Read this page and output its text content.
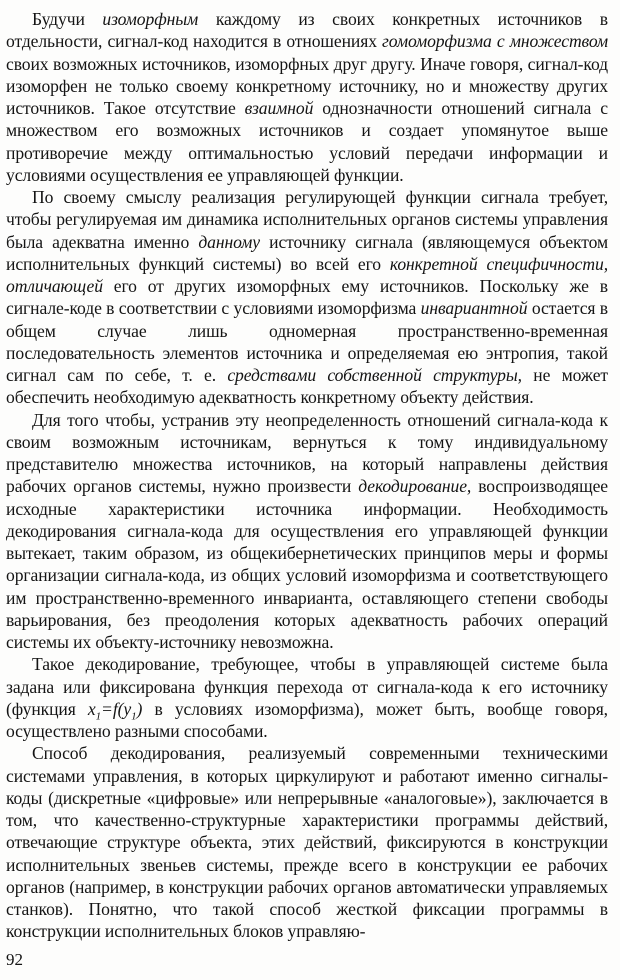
Будучи изоморфным каждому из своих конкретных источников в отдельности, сигнал-код находится в отношениях гомоморфизма с множеством своих возможных источников, изоморфных друг другу. Иначе говоря, сигнал-код изоморфен не только своему конкретному источнику, но и множеству других источников. Такое отсутствие взаимной однозначности отношений сигнала с множеством его возможных источников и создает упомянутое выше противоречие между оптимальностью условий передачи информации и условиями осуществления ее управляющей функции.

По своему смыслу реализация регулирующей функции сигнала требует, чтобы регулируемая им динамика исполнительных органов системы управления была адекватна именно данному источнику сигнала (являющемуся объектом исполнительных функций системы) во всей его конкретной специфичности, отличающей его от других изоморфных ему источников. Поскольку же в сигнале-коде в соответствии с условиями изоморфизма инвариантной остается в общем случае лишь одномерная пространственно-временная последовательность элементов источника и определяемая ею энтропия, такой сигнал сам по себе, т. е. средствами собственной структуры, не может обеспечить необходимую адекватность конкретному объекту действия.

Для того чтобы, устранив эту неопределенность отношений сигнала-кода к своим возможным источникам, вернуться к тому индивидуальному представителю множества источников, на который направлены действия рабочих органов системы, нужно произвести декодирование, воспроизводящее исходные характеристики источника информации. Необходимость декодирования сигнала-кода для осуществления его управляющей функции вытекает, таким образом, из общекибернетических принципов меры и формы организации сигнала-кода, из общих условий изоморфизма и соответствующего им пространственно-временного инварианта, оставляющего степени свободы варьирования, без преодоления которых адекватность рабочих операций системы их объекту-источнику невозможна.

Такое декодирование, требующее, чтобы в управляющей системе была задана или фиксирована функция перехода от сигнала-кода к его источнику (функция $x_1=f(y_1)$ в условиях изоморфизма), может быть, вообще говоря, осуществлено разными способами.

Способ декодирования, реализуемый современными техническими системами управления, в которых циркулируют и работают именно сигналы-коды (дискретные «цифровые» или непрерывные «аналоговые»), заключается в том, что качественно-структурные характеристики программы действий, отвечающие структуре объекта, этих действий, фиксируются в конструкции исполнительных звеньев системы, прежде всего в конструкции ее рабочих органов (например, в конструкции рабочих органов автоматически управляемых станков). Понятно, что такой способ жесткой фиксации программы в конструкции исполнительных блоков управляю-

92
